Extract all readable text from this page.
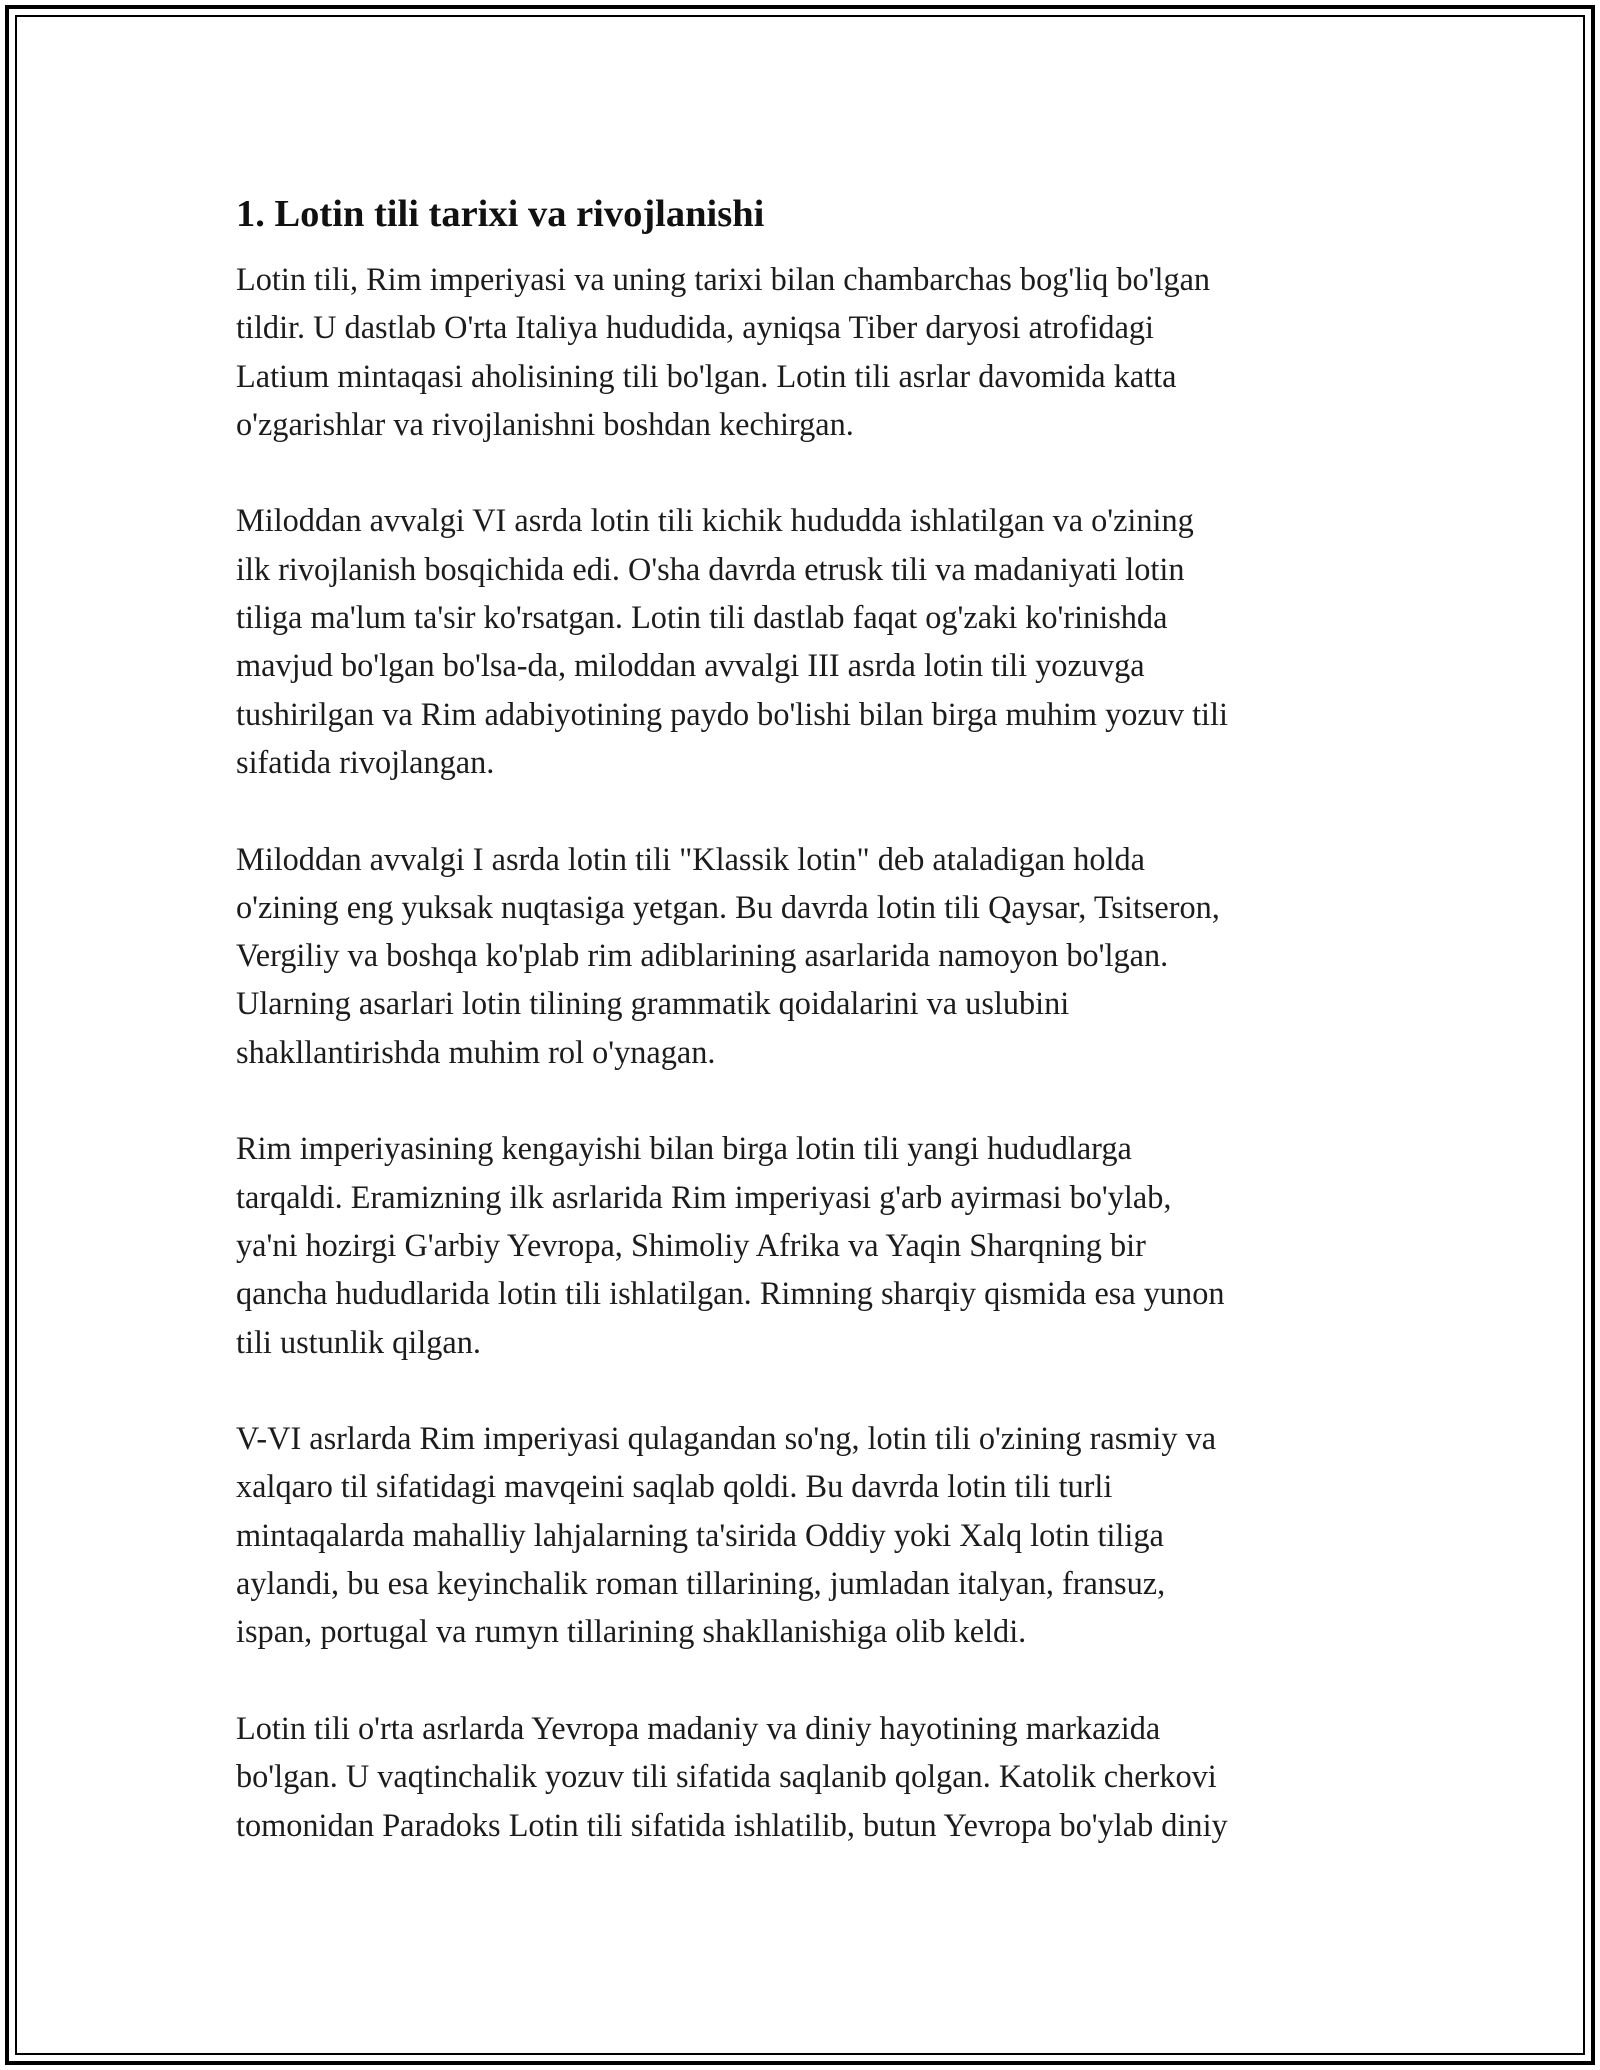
1. Lotin tili tarixi va rivojlanishi

Lotin tili, Rim imperiyasi va uning tarixi bilan chambarchas bog'liq bo'lgan
tildir. U dastlab O'rta Italiya hududida, ayniqsa Tiber daryosi atrofidagi
Latium mintaqasi aholisining tili bo'lgan. Lotin tili asrlar davomida katta
o'zgarishlar va rivojlanishni boshdan kechirgan.

Miloddan avvalgi VI asrda lotin tili kichik hududda ishlatilgan va o'zining
ilk rivojlanish bosqichida edi. O'sha davrda etrusk tili va madaniyati lotin
tiliga ma'lum ta'sir ko'rsatgan. Lotin tili dastlab faqat og'zaki ko'rinishda
mavjud bo'lgan bo'lsa-da, miloddan avvalgi III asrda lotin tili yozuvga
tushirilgan va Rim adabiyotining paydo bo'lishi bilan birga muhim yozuv tili
sifatida rivojlangan.

Miloddan avvalgi I asrda lotin tili "Klassik lotin" deb ataladigan holda
o'zining eng yuksak nuqtasiga yetgan. Bu davrda lotin tili Qaysar, Tsitseron,
Vergiliy va boshqa ko'plab rim adiblarining asarlarida namoyon bo'lgan.
Ularning asarlari lotin tilining grammatik qoidalarini va uslubini
shakllantirishda muhim rol o'ynagan.

Rim imperiyasining kengayishi bilan birga lotin tili yangi hududlarga
tarqaldi. Eramizning ilk asrlarida Rim imperiyasi g'arb ayirmasi bo'ylab,
ya'ni hozirgi G'arbiy Yevropa, Shimoliy Afrika va Yaqin Sharqning bir
qancha hududlarida lotin tili ishlatilgan. Rimning sharqiy qismida esa yunon
tili ustunlik qilgan.

V-VI asrlarda Rim imperiyasi qulagandan so'ng, lotin tili o'zining rasmiy va
xalqaro til sifatidagi mavqeini saqlab qoldi. Bu davrda lotin tili turli
mintaqalarda mahalliy lahjalarning ta'sirida Oddiy yoki Xalq lotin tiliga
aylandi, bu esa keyinchalik roman tillarining, jumladan italyan, fransuz,
ispan, portugal va rumyn tillarining shakllanishiga olib keldi.

Lotin tili o'rta asrlarda Yevropa madaniy va diniy hayotining markazida
bo'lgan. U vaqtinchalik yozuv tili sifatida saqlanib qolgan. Katolik cherkovi
tomonidan Paradoks Lotin tili sifatida ishlatilib, butun Yevropa bo'ylab diniy
